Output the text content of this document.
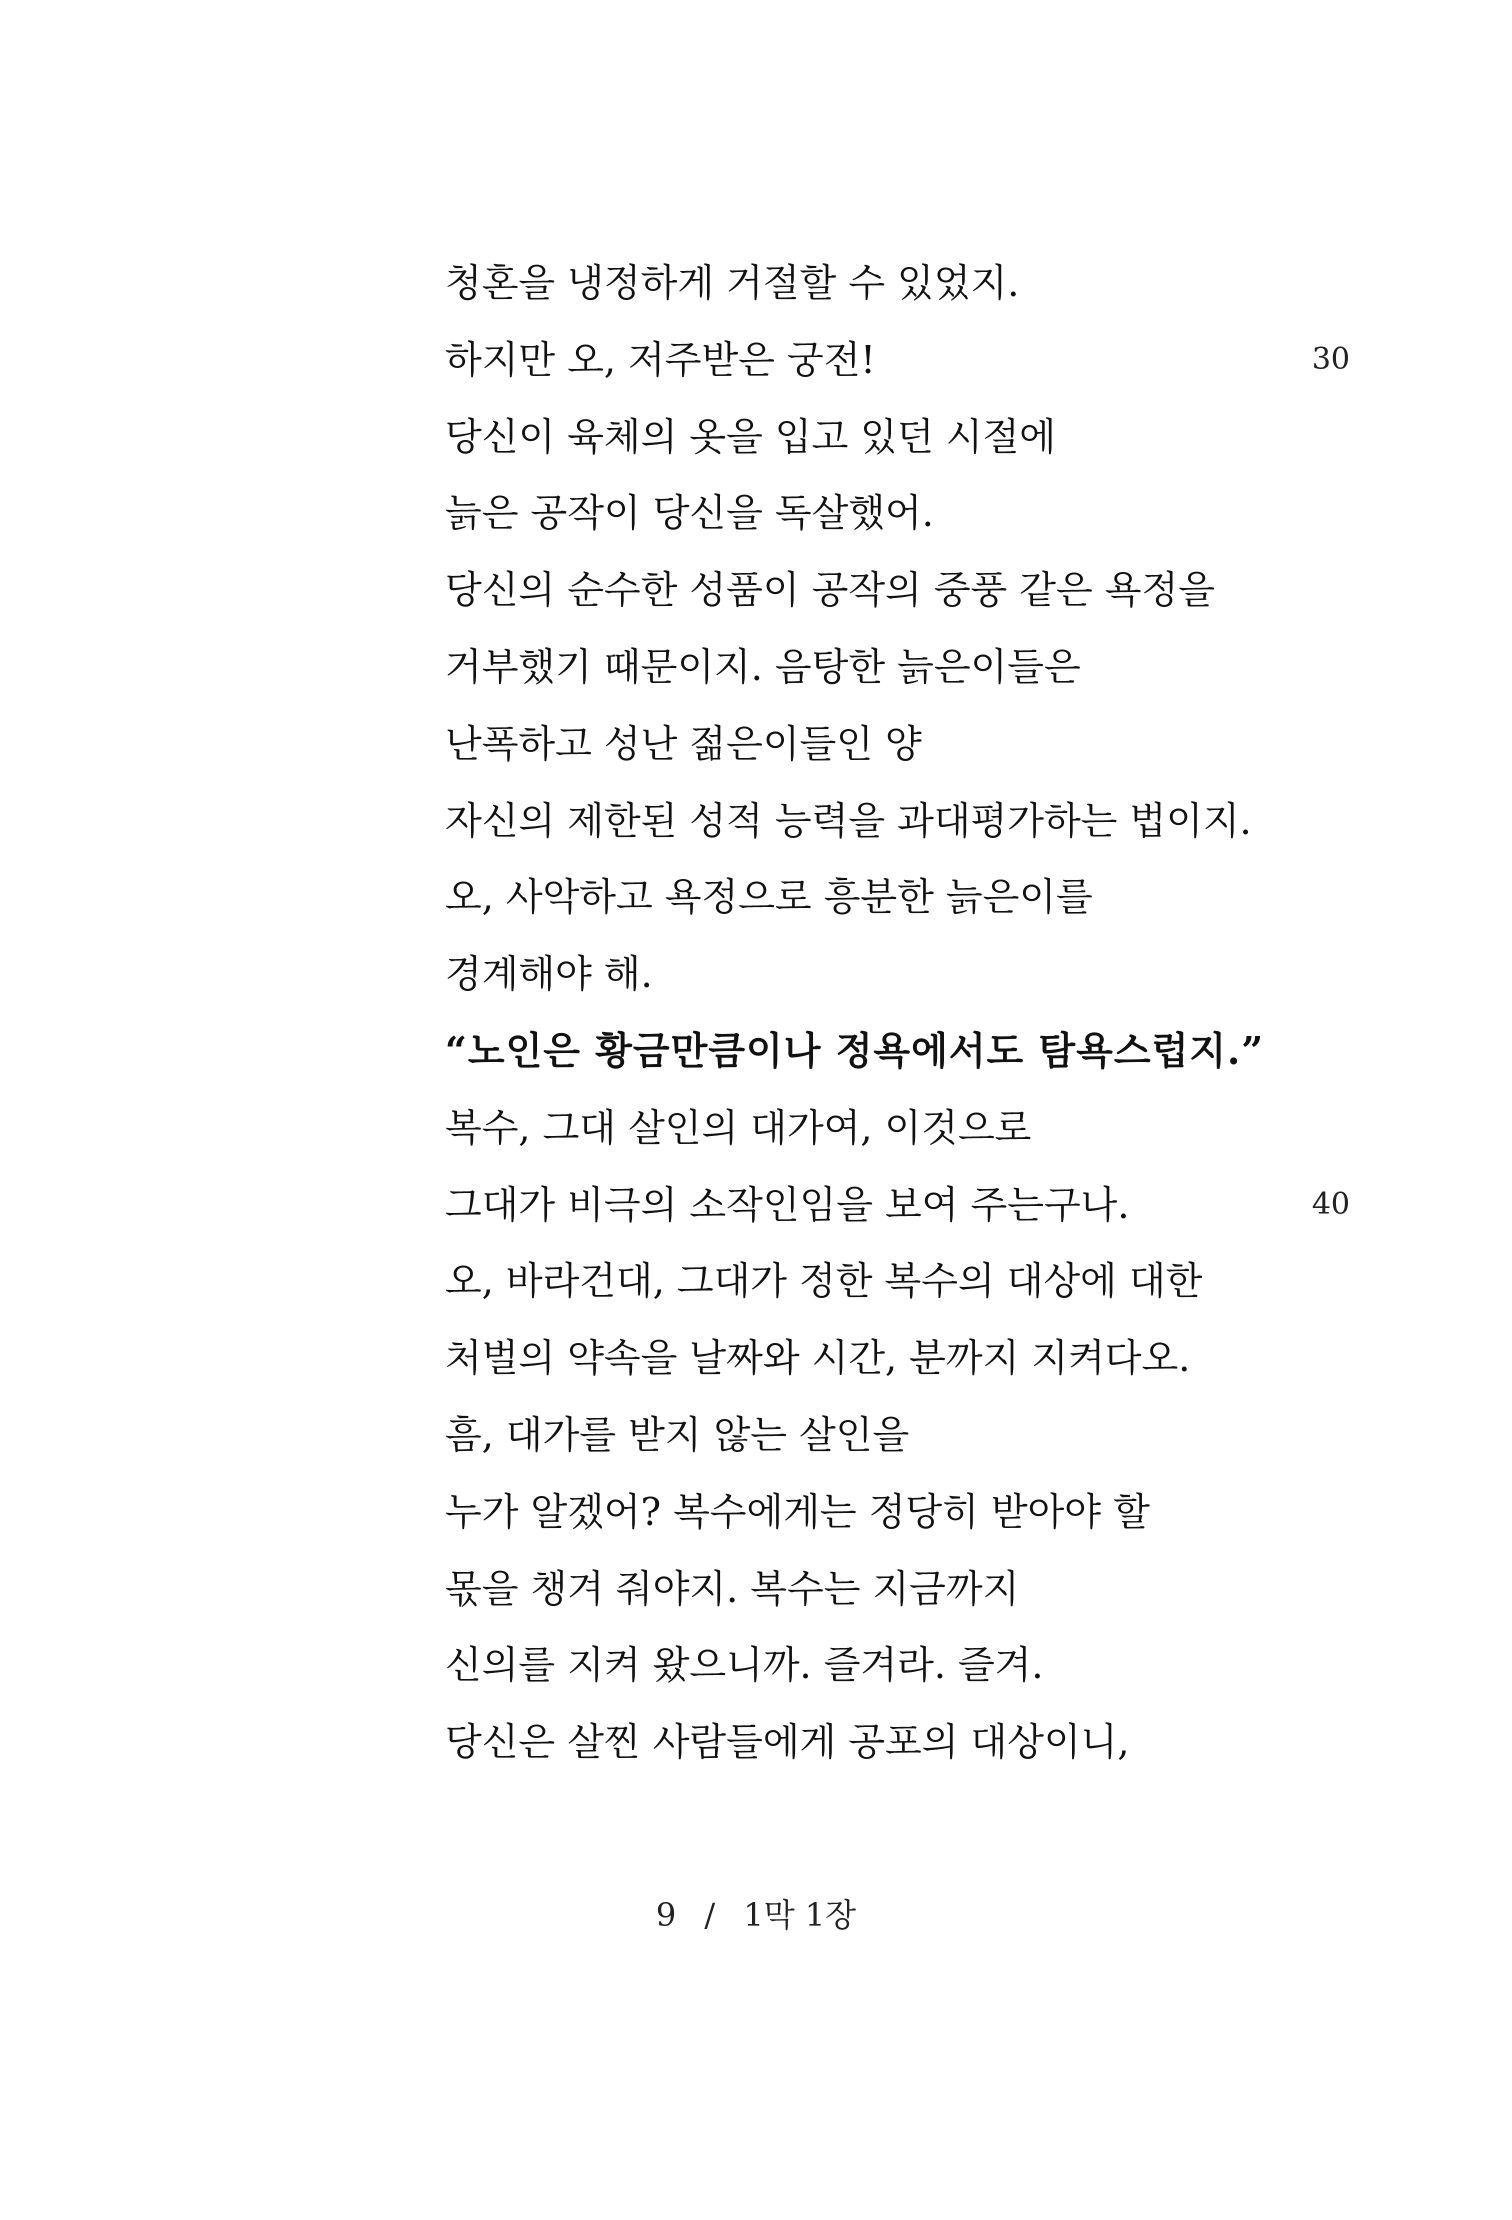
청혼을 냉정하게 거절할 수 있었지.
하지만 오, 저주받은 궁전!	30
당신이 육체의 옷을 입고 있던 시절에
늙은 공작이 당신을 독살했어.
당신의 순수한 성품이 공작의 중풍 같은 욕정을
거부했기 때문이지. 음탕한 늙은이들은
난폭하고 성난 젊은이들인 양
자신의 제한된 성적 능력을 과대평가하는 법이지.
오, 사악하고 욕정으로 흥분한 늙은이를
경계해야 해.
“노인은 황금만큼이나 정욕에서도 탐욕스럽지.”
복수, 그대 살인의 대가여, 이것으로
그대가 비극의 소작인임을 보여 주는구나.	40
오, 바라건대, 그대가 정한 복수의 대상에 대한
처벌의 약속을 날짜와 시간, 분까지 지켜다오.
흠, 대가를 받지 않는 살인을
누가 알겠어? 복수에게는 정당히 받아야 할
몫을 챙겨 줘야지. 복수는 지금까지
신의를 지켜 왔으니까. 즐겨라. 즐겨.
당신은 살찐 사람들에게 공포의 대상이니,
9 / 1막 1장
